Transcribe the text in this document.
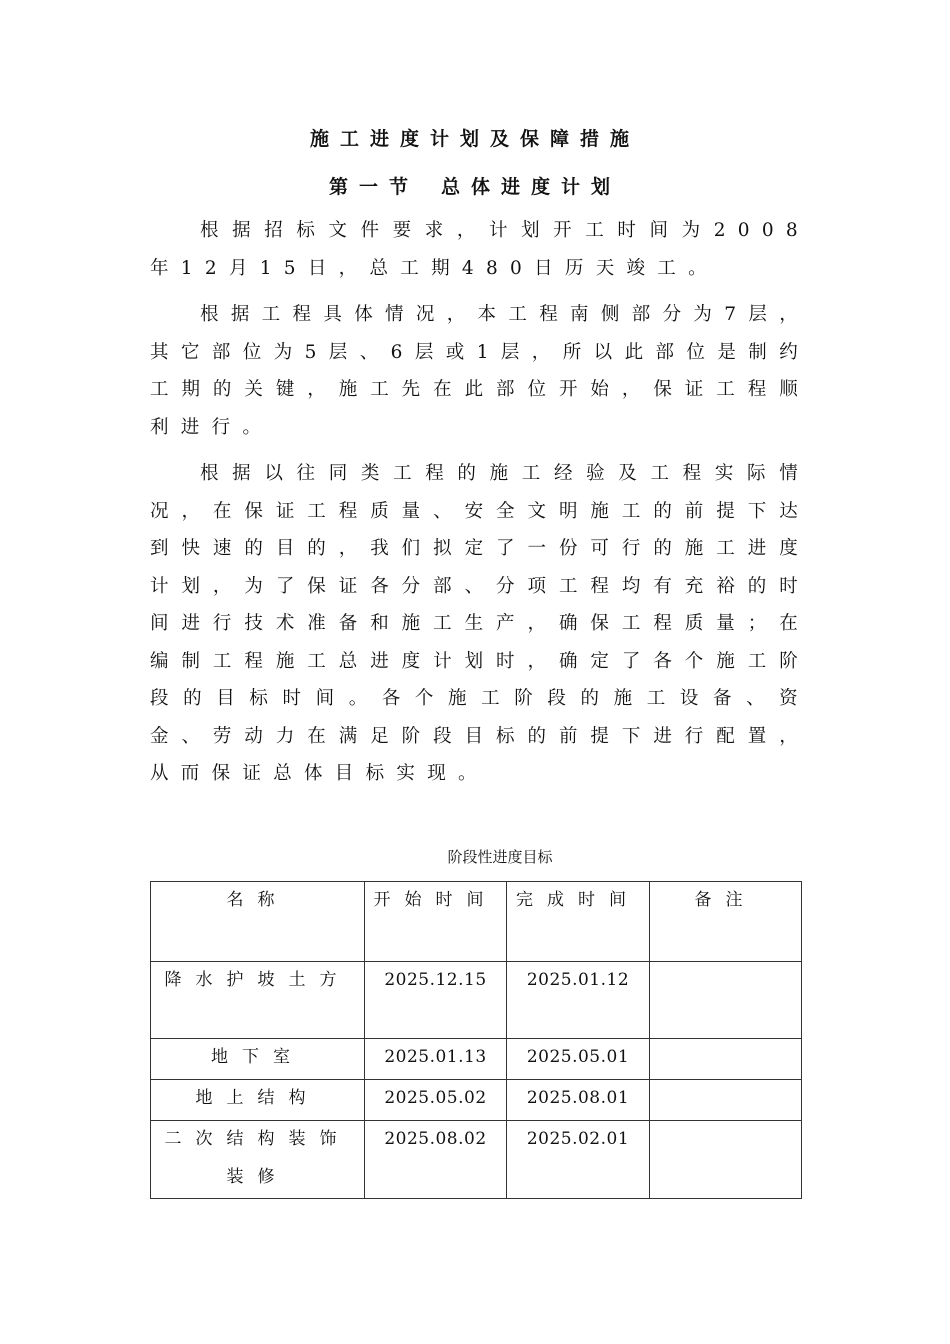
施工进度计划及保障措施
第一节 总体进度计划

根据招标文件要求，计划开工时间为2008年12月15日，总工期480日历天竣工。

根据工程具体情况，本工程南侧部分为7层，其它部位为5层、6层或1层，所以此部位是制约工期的关键，施工先在此部位开始，保证工程顺利进行。

根据以往同类工程的施工经验及工程实际情况，在保证工程质量、安全文明施工的前提下达到快速的目的，我们拟定了一份可行的施工进度计划，为了保证各分部、分项工程均有充裕的时间进行技术准备和施工生产，确保工程质量；在编制工程施工总进度计划时，确定了各个施工阶段的目标时间。各个施工阶段的施工设备、资金、劳动力在满足阶段目标的前提下进行配置，从而保证总体目标实现。

阶段性进度目标
名称	开始时间	完成时间	备注
降水护坡土方	2025.12.15	2025.01.12	
地下室	2025.01.13	2025.05.01	
地上结构	2025.05.02	2025.08.01	
二次结构装饰装修	2025.08.02	2025.02.01	
